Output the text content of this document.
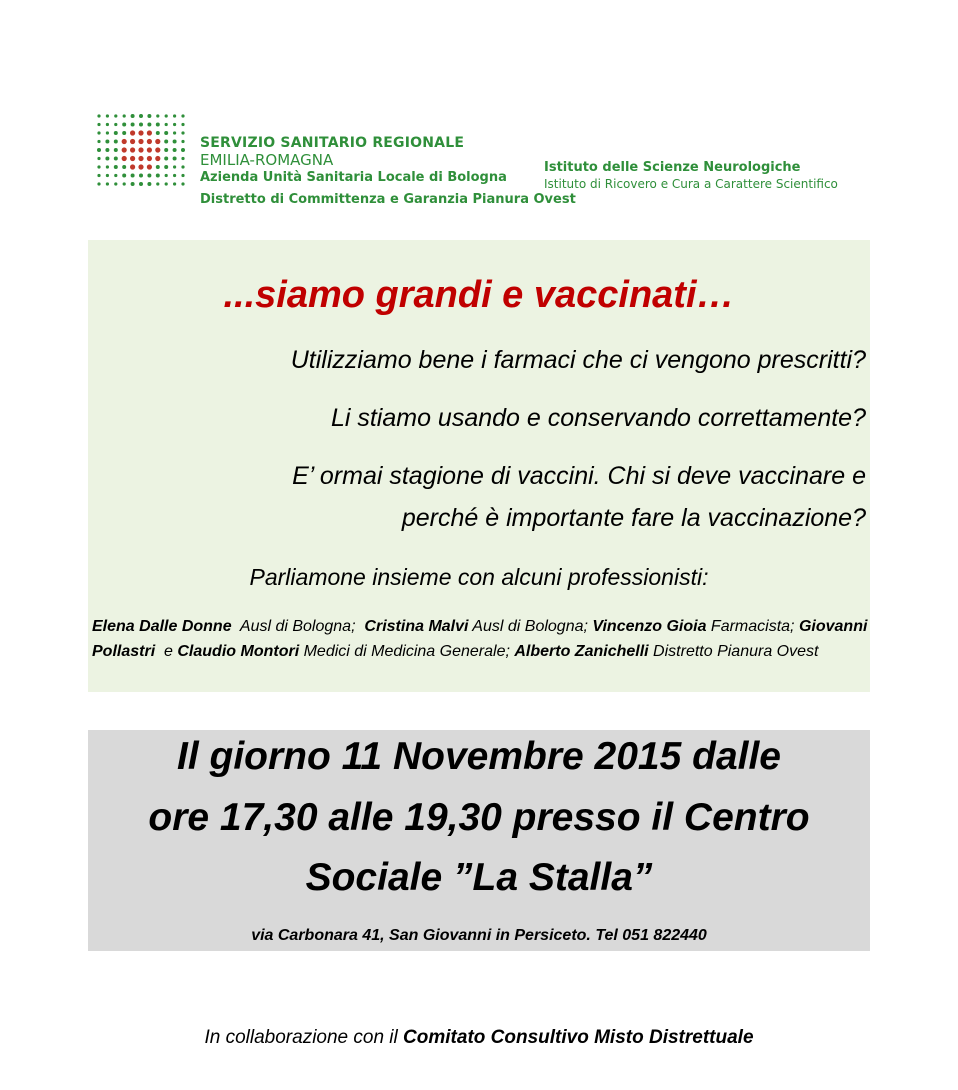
SERVIZIO SANITARIO REGIONALE
EMILIA-ROMAGNA
Azienda Unità Sanitaria Locale di Bologna
Distretto di Committenza e Garanzia Pianura Ovest
Istituto delle Scienze Neurologiche
Istituto di Ricovero e Cura a Carattere Scientifico
...siamo grandi e vaccinati…
Utilizziamo bene i farmaci che ci vengono prescritti?
Li stiamo usando e conservando correttamente?
E’ ormai stagione di vaccini. Chi si deve vaccinare e
perché è importante fare la vaccinazione?
Parliamone insieme con alcuni professionisti:
Elena Dalle Donne  Ausl di Bologna;  Cristina Malvi Ausl di Bologna; Vincenzo Gioia Farmacista; Giovanni Pollastri  e Claudio Montori Medici di Medicina Generale; Alberto Zanichelli Distretto Pianura Ovest
Il giorno 11 Novembre 2015 dalle
ore 17,30 alle 19,30 presso il Centro
Sociale ”La Stalla”
via Carbonara 41, San Giovanni in Persiceto. Tel 051 822440
In collaborazione con il Comitato Consultivo Misto Distrettuale
